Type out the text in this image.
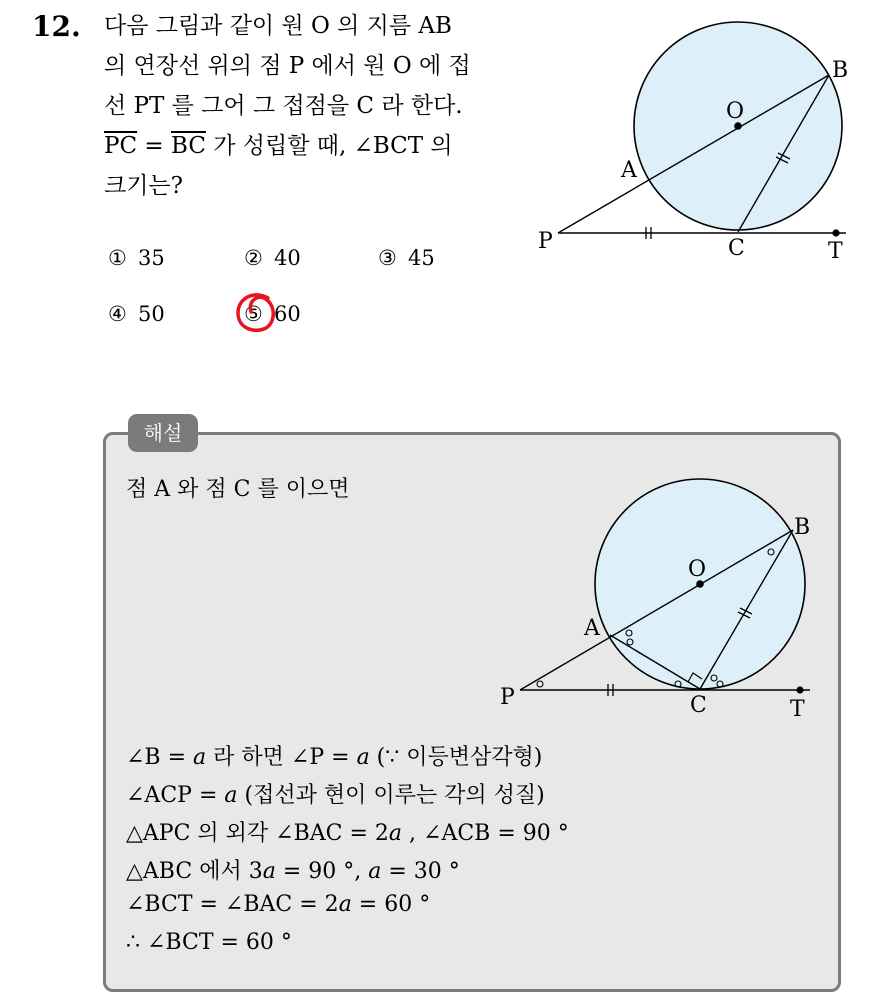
12. 다음 그림과 같이 원 O 의 지름 AB
의 연장선 위의 점 P 에서 원 O 에 접
선 PT 를 그어 그 접점을 C 라 한다.
$\overline{PC} = \overline{BC}$ 가 성립할 때, ∠BCT 의
크기는?
① 35	② 40	③ 45
④ 50	⑤ 60
O
B
A
P	C	T
해설
점 A 와 점 C 를 이으면
O
B
A
P	C	T
∠B = a 라 하면 ∠P = a (∵ 이등변삼각형)
∠ACP = a (접선과 현이 이루는 각의 성질)
△APC 의 외각 ∠BAC = 2a , ∠ACB = 90 °
△ABC 에서 3a = 90 °, a = 30 °
∠BCT = ∠BAC = 2a = 60 °
∴ ∠BCT = 60 °
